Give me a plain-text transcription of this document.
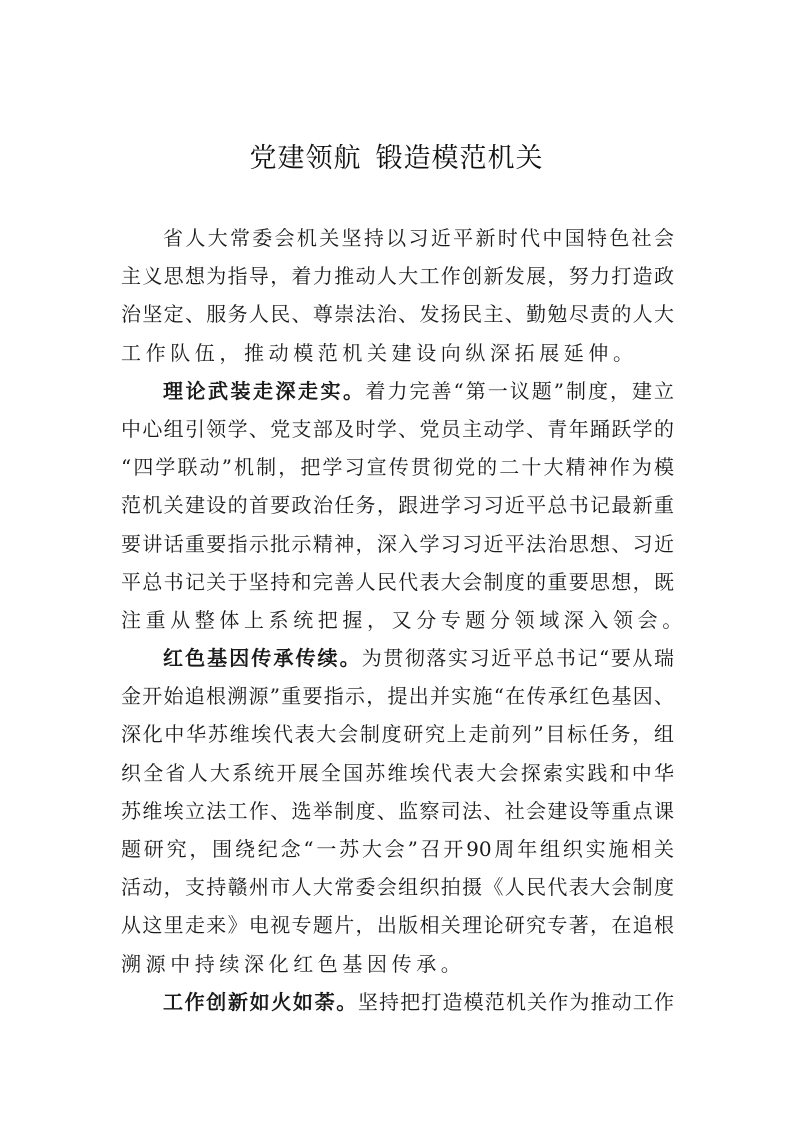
党建领航 锻造模范机关
省人大常委会机关坚持以习近平新时代中国特色社会
主义思想为指导，着力推动人大工作创新发展，努力打造政
治坚定、服务人民、尊崇法治、发扬民主、勤勉尽责的人大
工作队伍，推动模范机关建设向纵深拓展延伸。
理论武装走深走实。着力完善“第一议题”制度，建立
中心组引领学、党支部及时学、党员主动学、青年踊跃学的
“四学联动”机制，把学习宣传贯彻党的二十大精神作为模
范机关建设的首要政治任务，跟进学习习近平总书记最新重
要讲话重要指示批示精神，深入学习习近平法治思想、习近
平总书记关于坚持和完善人民代表大会制度的重要思想，既
注重从整体上系统把握，又分专题分领域深入领会。
红色基因传承传续。为贯彻落实习近平总书记“要从瑞
金开始追根溯源”重要指示，提出并实施“在传承红色基因、
深化中华苏维埃代表大会制度研究上走前列”目标任务，组
织全省人大系统开展全国苏维埃代表大会探索实践和中华
苏维埃立法工作、选举制度、监察司法、社会建设等重点课
题研究，围绕纪念“一苏大会”召开90周年组织实施相关
活动，支持赣州市人大常委会组织拍摄《人民代表大会制度
从这里走来》电视专题片，出版相关理论研究专著，在追根
溯源中持续深化红色基因传承。
工作创新如火如荼。坚持把打造模范机关作为推动工作
